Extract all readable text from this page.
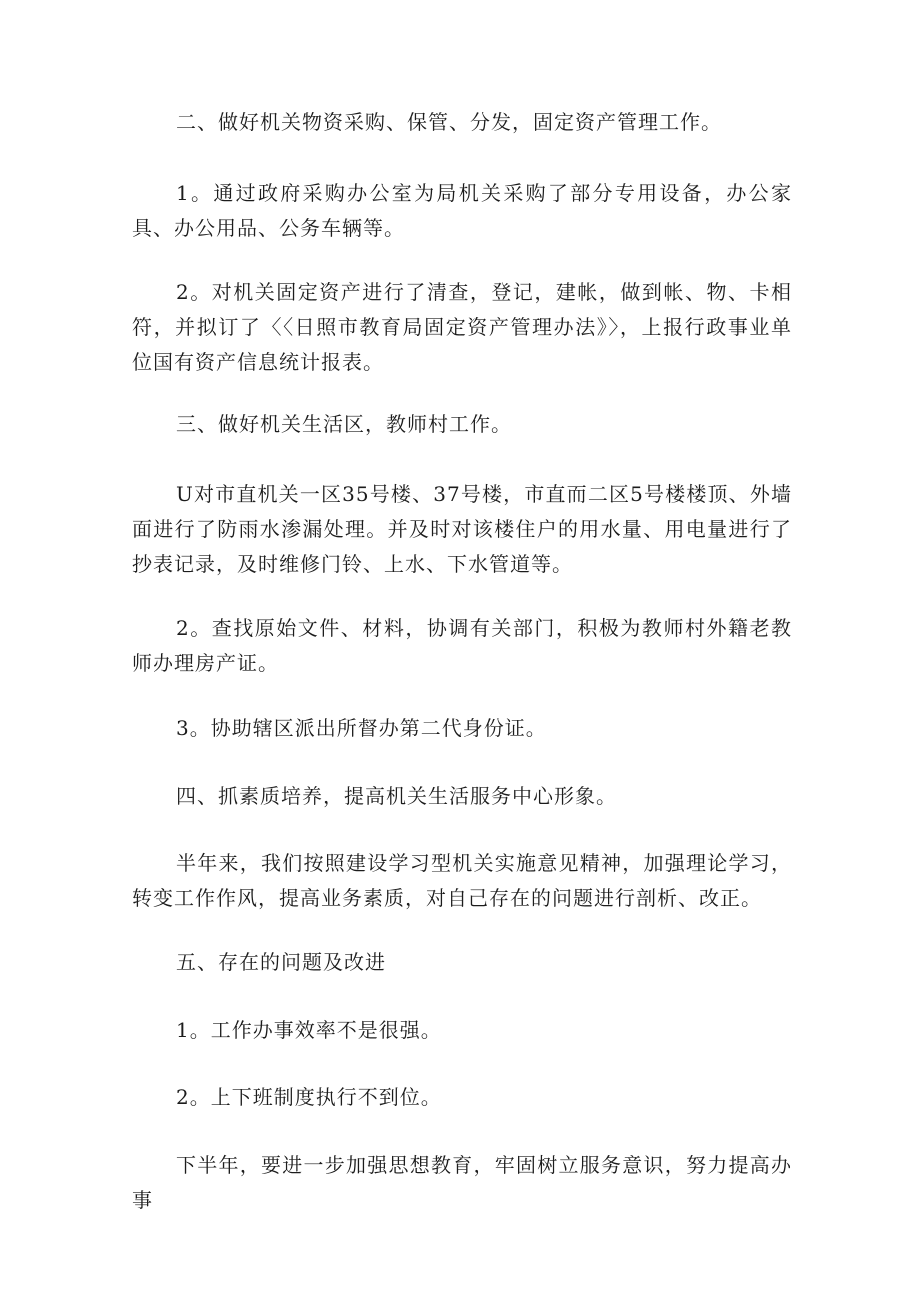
二、做好机关物资采购、保管、分发，固定资产管理工作。

1。通过政府采购办公室为局机关采购了部分专用设备，办公家具、办公用品、公务车辆等。

2。对机关固定资产进行了清查，登记，建帐，做到帐、物、卡相符，并拟订了〈〈日照市教育局固定资产管理办法》〉，上报行政事业单位国有资产信息统计报表。

三、做好机关生活区，教师村工作。

U对市直机关一区35号楼、37号楼，市直而二区5号楼楼顶、外墙面进行了防雨水渗漏处理。并及时对该楼住户的用水量、用电量进行了抄表记录，及时维修门铃、上水、下水管道等。

2。查找原始文件、材料，协调有关部门，积极为教师村外籍老教师办理房产证。

3。协助辖区派出所督办第二代身份证。

四、抓素质培养，提高机关生活服务中心形象。

半年来，我们按照建设学习型机关实施意见精神，加强理论学习，转变工作作风，提高业务素质，对自己存在的问题进行剖析、改正。

五、存在的问题及改进

1。工作办事效率不是很强。

2。上下班制度执行不到位。

下半年，要进一步加强思想教育，牢固树立服务意识，努力提高办事
